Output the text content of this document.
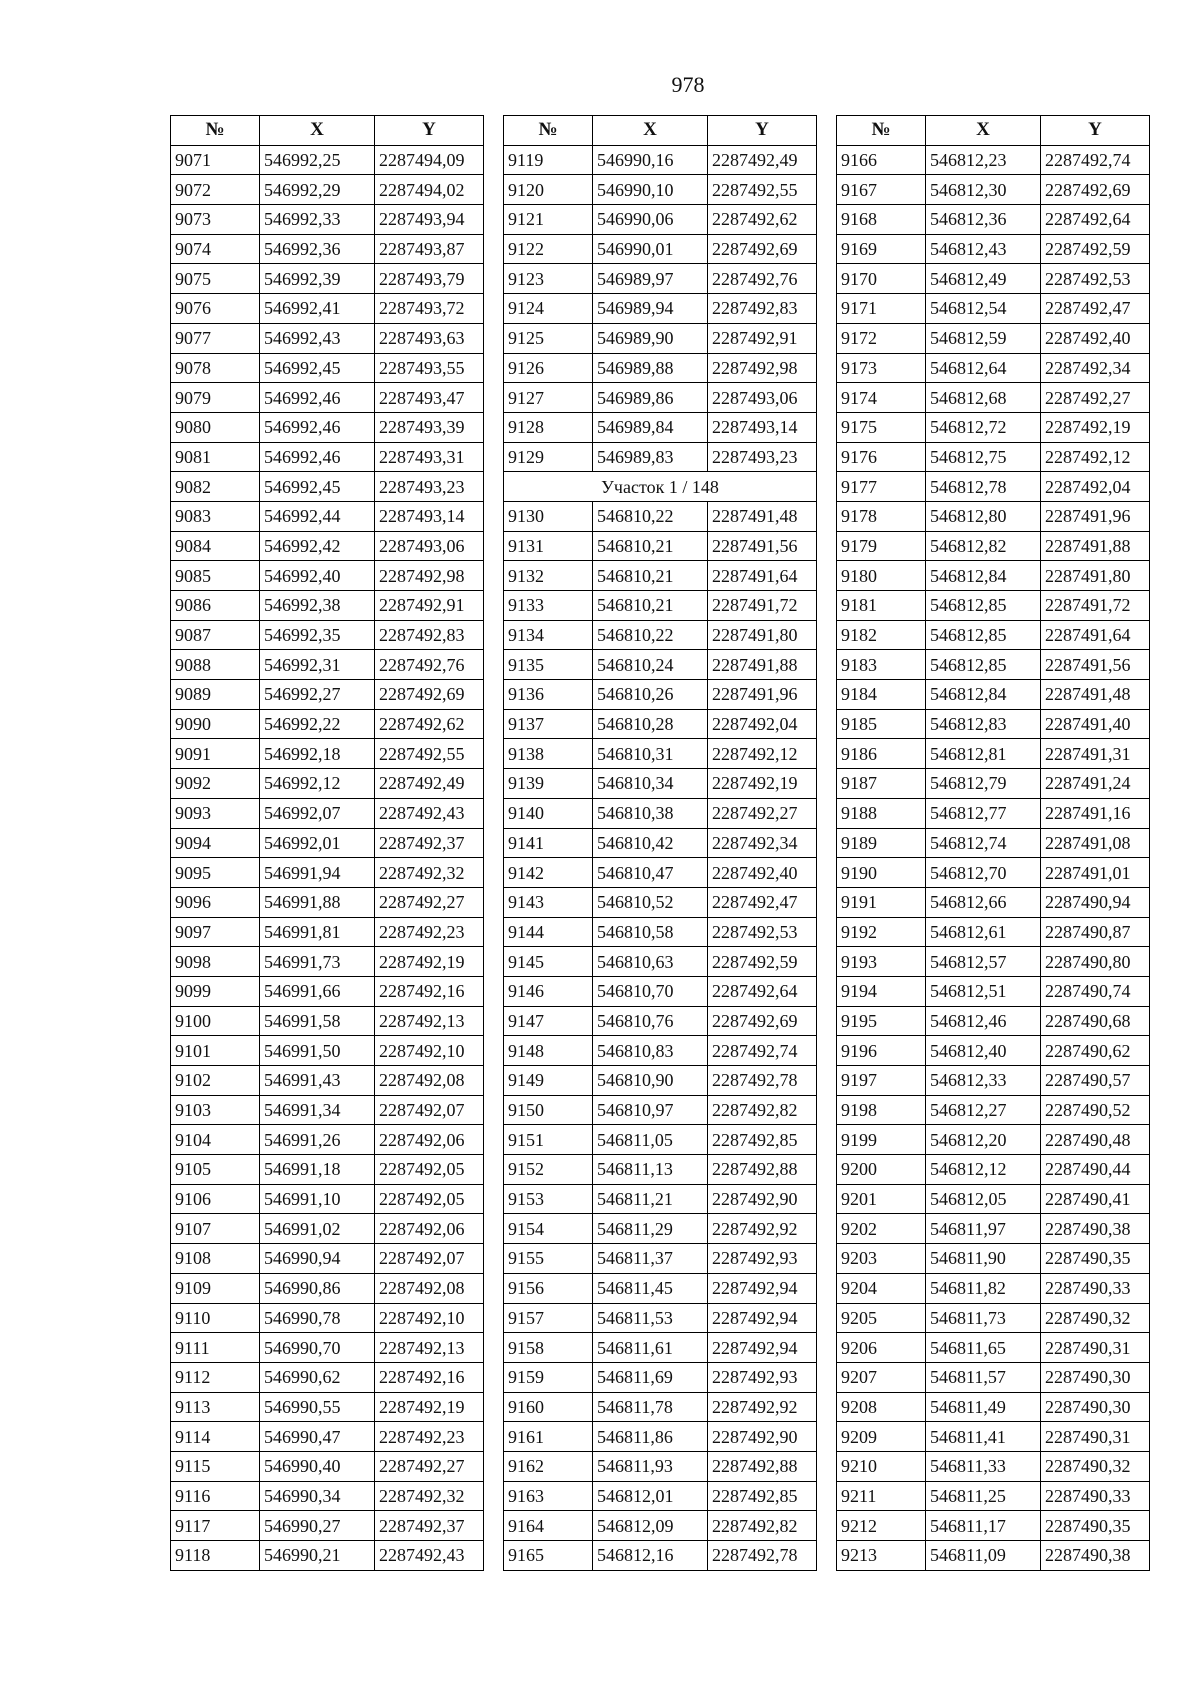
978
№	X	Y
9071	546992,25	2287494,09
9072	546992,29	2287494,02
9073	546992,33	2287493,94
9074	546992,36	2287493,87
9075	546992,39	2287493,79
9076	546992,41	2287493,72
9077	546992,43	2287493,63
9078	546992,45	2287493,55
9079	546992,46	2287493,47
9080	546992,46	2287493,39
9081	546992,46	2287493,31
9082	546992,45	2287493,23
9083	546992,44	2287493,14
9084	546992,42	2287493,06
9085	546992,40	2287492,98
9086	546992,38	2287492,91
9087	546992,35	2287492,83
9088	546992,31	2287492,76
9089	546992,27	2287492,69
9090	546992,22	2287492,62
9091	546992,18	2287492,55
9092	546992,12	2287492,49
9093	546992,07	2287492,43
9094	546992,01	2287492,37
9095	546991,94	2287492,32
9096	546991,88	2287492,27
9097	546991,81	2287492,23
9098	546991,73	2287492,19
9099	546991,66	2287492,16
9100	546991,58	2287492,13
9101	546991,50	2287492,10
9102	546991,43	2287492,08
9103	546991,34	2287492,07
9104	546991,26	2287492,06
9105	546991,18	2287492,05
9106	546991,10	2287492,05
9107	546991,02	2287492,06
9108	546990,94	2287492,07
9109	546990,86	2287492,08
9110	546990,78	2287492,10
9111	546990,70	2287492,13
9112	546990,62	2287492,16
9113	546990,55	2287492,19
9114	546990,47	2287492,23
9115	546990,40	2287492,27
9116	546990,34	2287492,32
9117	546990,27	2287492,37
9118	546990,21	2287492,43
№	X	Y
9119	546990,16	2287492,49
9120	546990,10	2287492,55
9121	546990,06	2287492,62
9122	546990,01	2287492,69
9123	546989,97	2287492,76
9124	546989,94	2287492,83
9125	546989,90	2287492,91
9126	546989,88	2287492,98
9127	546989,86	2287493,06
9128	546989,84	2287493,14
9129	546989,83	2287493,23
Участок 1 / 148		
9130	546810,22	2287491,48
9131	546810,21	2287491,56
9132	546810,21	2287491,64
9133	546810,21	2287491,72
9134	546810,22	2287491,80
9135	546810,24	2287491,88
9136	546810,26	2287491,96
9137	546810,28	2287492,04
9138	546810,31	2287492,12
9139	546810,34	2287492,19
9140	546810,38	2287492,27
9141	546810,42	2287492,34
9142	546810,47	2287492,40
9143	546810,52	2287492,47
9144	546810,58	2287492,53
9145	546810,63	2287492,59
9146	546810,70	2287492,64
9147	546810,76	2287492,69
9148	546810,83	2287492,74
9149	546810,90	2287492,78
9150	546810,97	2287492,82
9151	546811,05	2287492,85
9152	546811,13	2287492,88
9153	546811,21	2287492,90
9154	546811,29	2287492,92
9155	546811,37	2287492,93
9156	546811,45	2287492,94
9157	546811,53	2287492,94
9158	546811,61	2287492,94
9159	546811,69	2287492,93
9160	546811,78	2287492,92
9161	546811,86	2287492,90
9162	546811,93	2287492,88
9163	546812,01	2287492,85
9164	546812,09	2287492,82
9165	546812,16	2287492,78
№	X	Y
9166	546812,23	2287492,74
9167	546812,30	2287492,69
9168	546812,36	2287492,64
9169	546812,43	2287492,59
9170	546812,49	2287492,53
9171	546812,54	2287492,47
9172	546812,59	2287492,40
9173	546812,64	2287492,34
9174	546812,68	2287492,27
9175	546812,72	2287492,19
9176	546812,75	2287492,12
9177	546812,78	2287492,04
9178	546812,80	2287491,96
9179	546812,82	2287491,88
9180	546812,84	2287491,80
9181	546812,85	2287491,72
9182	546812,85	2287491,64
9183	546812,85	2287491,56
9184	546812,84	2287491,48
9185	546812,83	2287491,40
9186	546812,81	2287491,31
9187	546812,79	2287491,24
9188	546812,77	2287491,16
9189	546812,74	2287491,08
9190	546812,70	2287491,01
9191	546812,66	2287490,94
9192	546812,61	2287490,87
9193	546812,57	2287490,80
9194	546812,51	2287490,74
9195	546812,46	2287490,68
9196	546812,40	2287490,62
9197	546812,33	2287490,57
9198	546812,27	2287490,52
9199	546812,20	2287490,48
9200	546812,12	2287490,44
9201	546812,05	2287490,41
9202	546811,97	2287490,38
9203	546811,90	2287490,35
9204	546811,82	2287490,33
9205	546811,73	2287490,32
9206	546811,65	2287490,31
9207	546811,57	2287490,30
9208	546811,49	2287490,30
9209	546811,41	2287490,31
9210	546811,33	2287490,32
9211	546811,25	2287490,33
9212	546811,17	2287490,35
9213	546811,09	2287490,38
